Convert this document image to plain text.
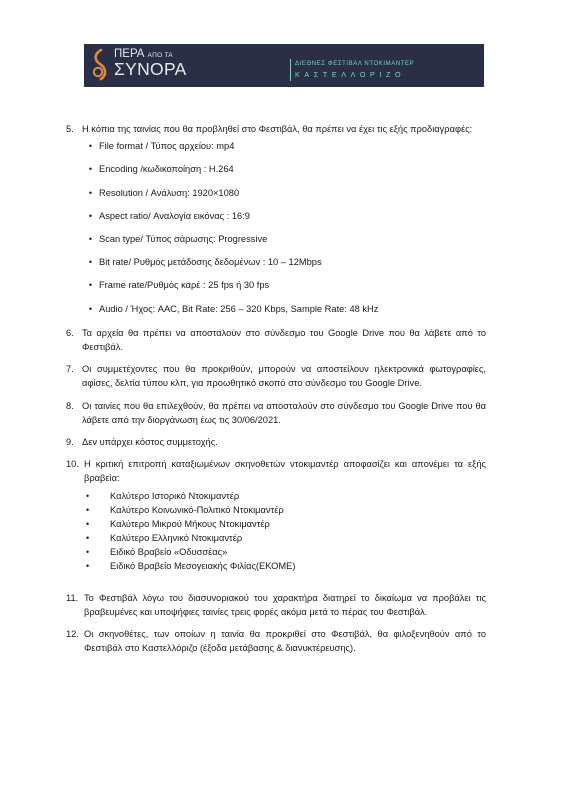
ΠΕΡΑ ΑΠΟ ΤΑ
ΣΥΝΟΡΑ	ΔΙΕΘΝΕΣ ΦΕΣΤΙΒΑΛ ΝΤΟΚΙΜΑΝΤΕΡ
ΚΑΣΤΕΛΛΟΡΙΖΟ
5. Η κόπια της ταινίας που θα προβληθεί στο Φεστιβάλ, θα πρέπει να έχει τις εξής προδιαγραφές:
• File format / Τύπος αρχείου: mp4
• Encoding /κωδικοποίηση : H.264
• Resolution / Ανάλυση: 1920×1080
• Aspect ratio/ Αναλογία εικόνας : 16:9
• Scan type/ Τύπος σάρωσης: Progressive
• Bit rate/ Ρυθμός μετάδοσης δεδομένων : 10 – 12Mbps
• Frame rate/Ρυθμός καρέ : 25 fps ή 30 fps
• Audio / Ήχος: AAC, Bit Rate: 256 – 320 Kbps, Sample Rate: 48 kHz
6. Τα αρχεία θα πρέπει να αποσταλούν στο σύνδεσμο του Google Drive που θα λάβετε από το Φεστιβάλ.
7. Οι συμμετέχοντες που θα προκριθούν, μπορούν να αποστείλουν ηλεκτρονικά φωτογραφίες, αφίσες, δελτία τύπου κλπ, για προωθητικό σκοπό στο σύνδεσμο του Google Drive.
8. Οι ταινίες που θα επιλεχθούν, θα πρέπει να αποσταλούν στο σύνδεσμο του Google Drive που θα λάβετε από την διοργάνωση έως τις 30/06/2021.
9. Δεν υπάρχει κόστος συμμετοχής.
10. Η κριτική επιτροπή καταξιωμένων σκηνοθετών ντοκιμαντέρ αποφασίζει και απονέμει τα εξής βραβεία:
•	Καλύτερο Ιστορικό Ντοκιμαντέρ
•	Καλύτερο Κοινωνικό-Πολιτικό Ντοκιμαντέρ
•	Καλύτερο Μικρού Μήκους Ντοκιμαντέρ
•	Καλύτερο Ελληνικό Ντοκιμαντέρ
•	Ειδικό Βραβείο «Οδυσσέας»
•	Ειδικό Βραβείο Μεσογειακής Φιλίας(ΕΚΟΜΕ)
11. Το Φεστιβάλ λόγω του διασυνοριακού του χαρακτήρα διατηρεί το δικαίωμα να προβάλει τις βραβευμένες και υποψήφιες ταινίες τρεις φορές ακόμα μετά το πέρας του Φεστιβάλ.
12. Οι σκηνοθέτες, των οποίων η ταινία θα προκριθεί στο Φεστιβάλ, θα φιλοξενηθούν από το Φεστιβάλ στο Καστελλόριζο (έξοδα μετάβασης & διανυκτέρευσης).
